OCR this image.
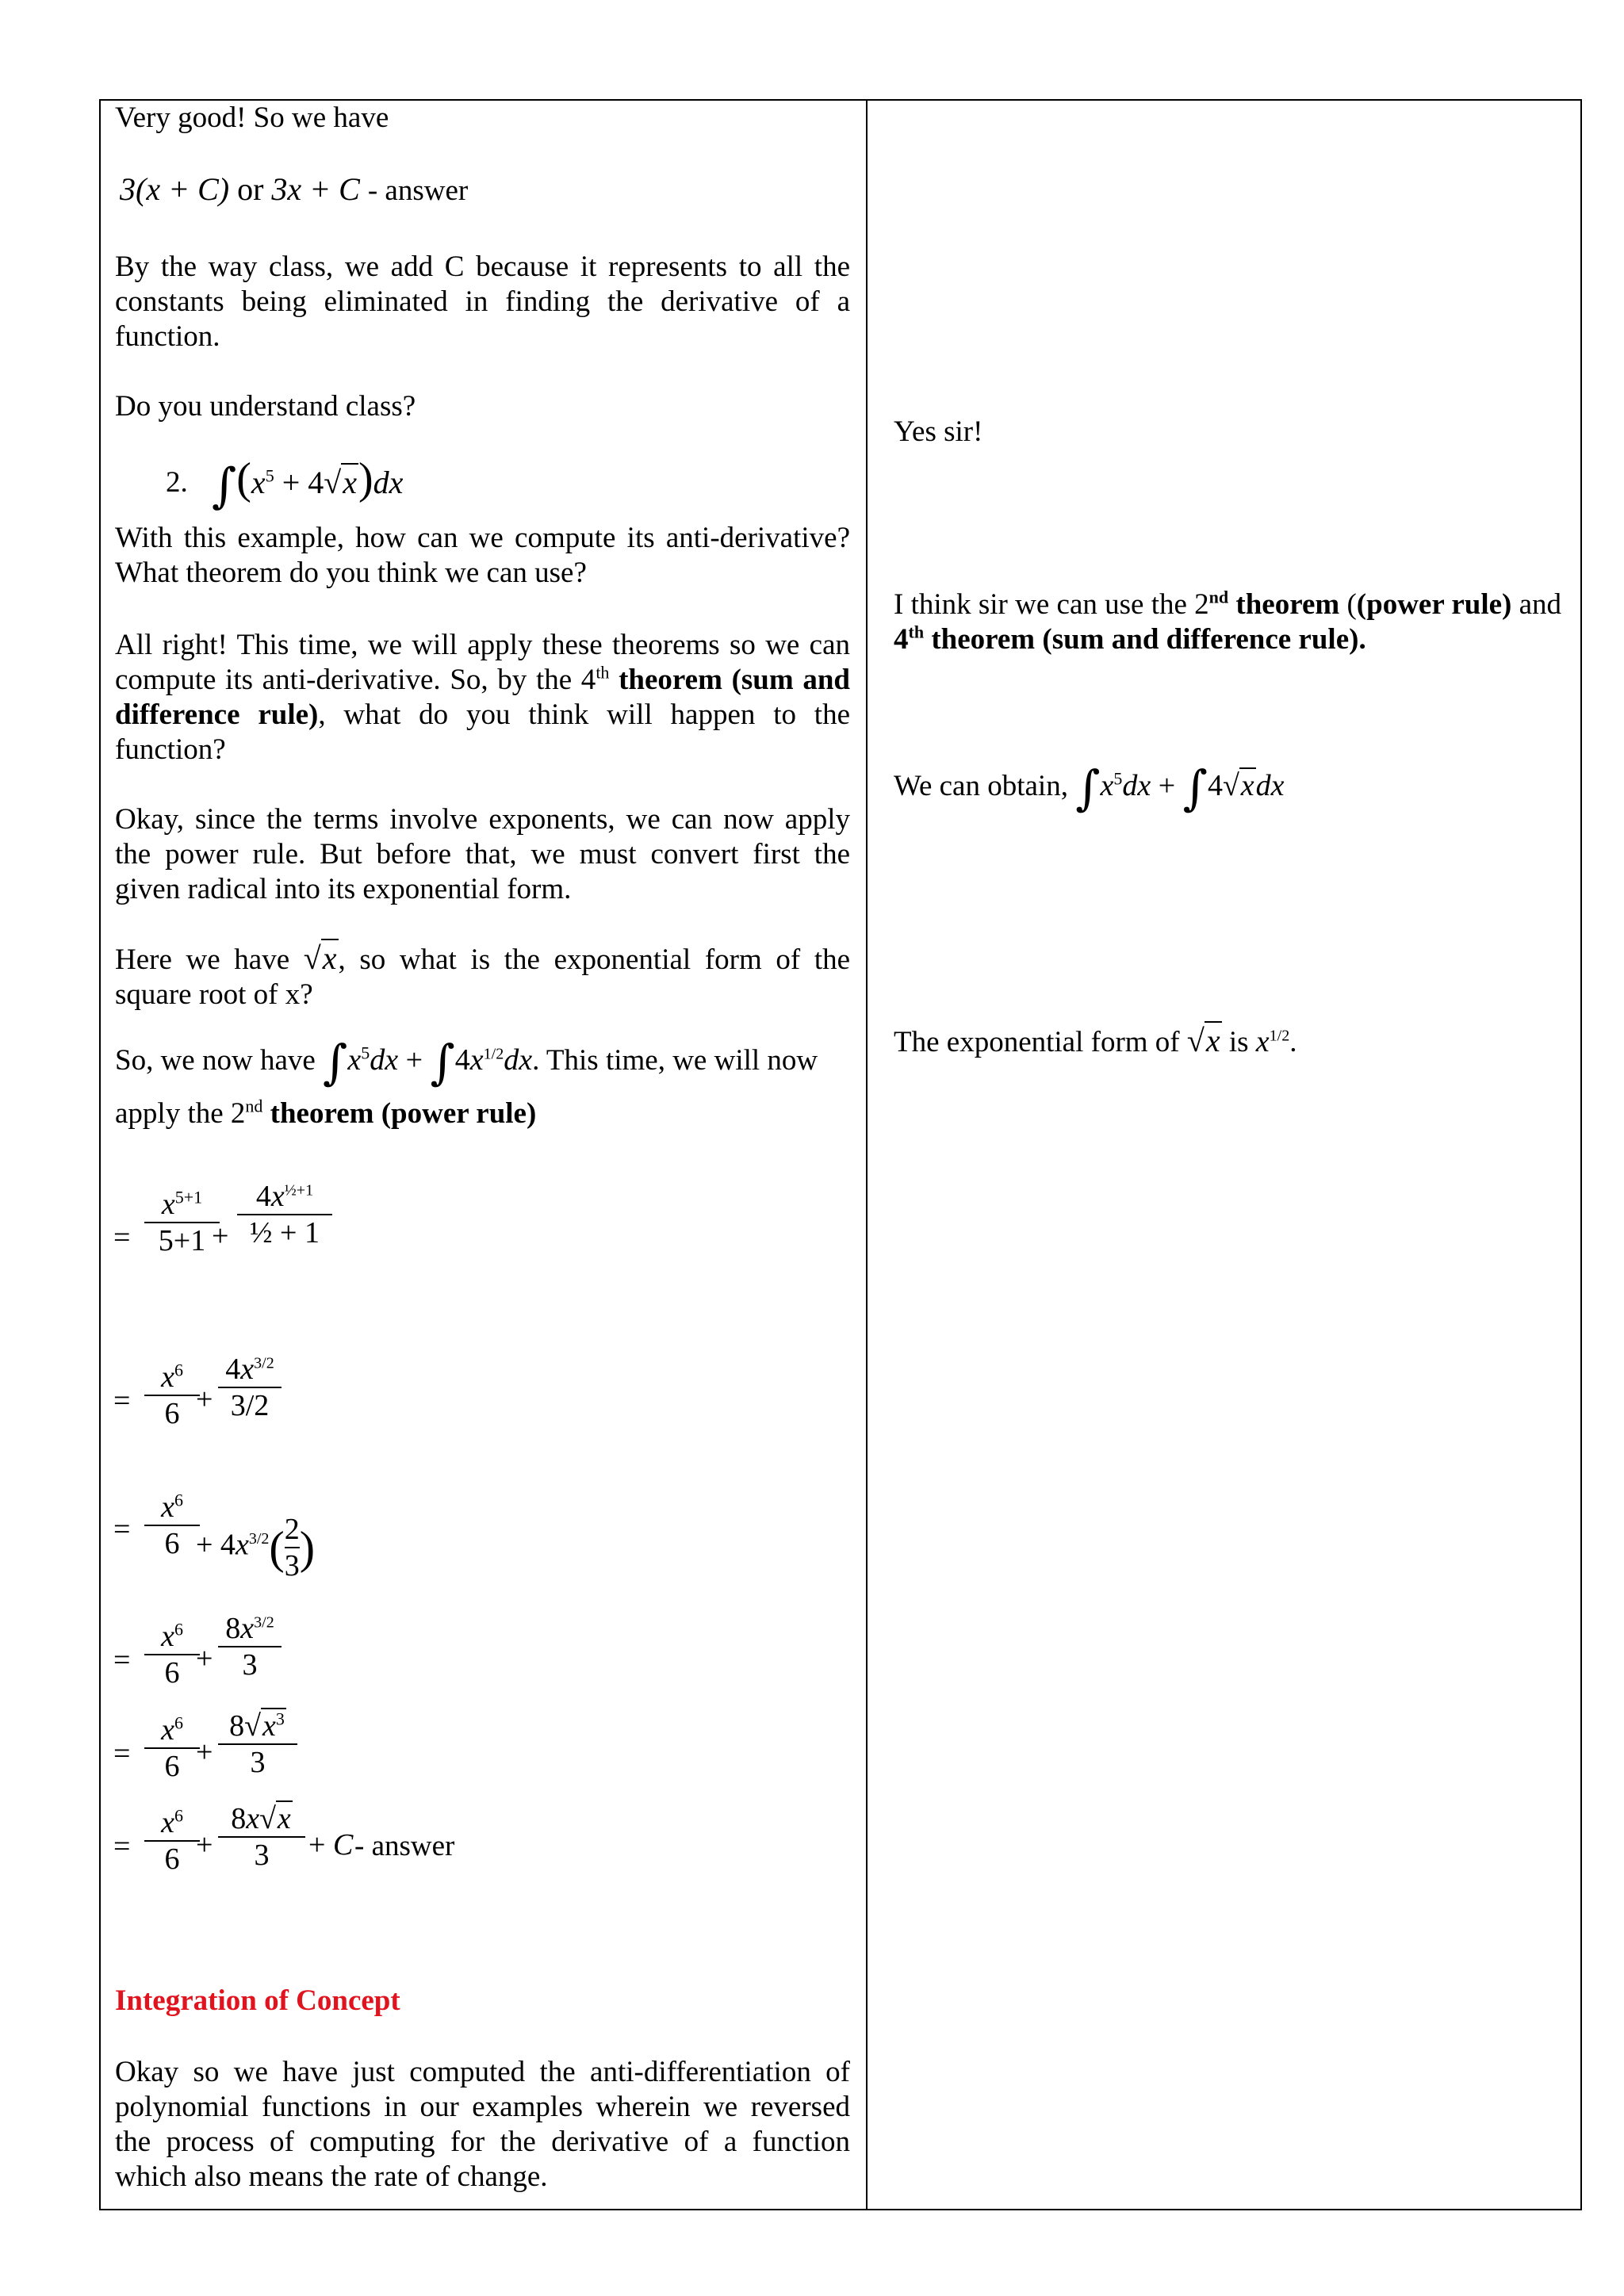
Very good! So we have
3(x + C) or 3x + C - answer
By the way class, we add C because it represents to all the constants being eliminated in finding the derivative of a function.
Do you understand class?
2. $\int(x^5 + 4√x)dx$
With this example, how can we compute its anti-derivative? What theorem do you think we can use?
All right! This time, we will apply these theorems so we can compute its anti-derivative. So, by the 4th theorem (sum and difference rule), what do you think will happen to the function?
Okay, since the terms involve exponents, we can now apply the power rule. But before that, we must convert first the given radical into its exponential form.
Here we have √x, so what is the exponential form of the square root of x?
So, we now have $\int x^5dx + \int 4x^{1/2}dx$. This time, we will now
apply the 2nd theorem (power rule)
=
$x^{5+1}$
5+1 +
$4x^{\frac{1}{2}+1}$
½ + 1
=
$x^6$
6 +
$4x^{3/2}$
3/2
=
$x^6$
$6 + 4x^{3/2}( \frac{2}{3}$ )
=
$x^6$
6 +
$8x^{3/2}$
3
=
$x^6$
6 +
$8√x^3$
3
=
$x^6$
6 +
8x√x
3	+ C - answer
Integration of Concept
Okay so we have just computed the anti-differentiation of polynomial functions in our examples wherein we reversed the process of computing for the derivative of a function which also means the rate of change.
Yes sir!
I think sir we can use the 2nd theorem ((power rule) and
4th theorem (sum and difference rule).
We can obtain, $\int x^5dx + \int 4√xdx$
The exponential form of √x is $x^{1/2}$.
